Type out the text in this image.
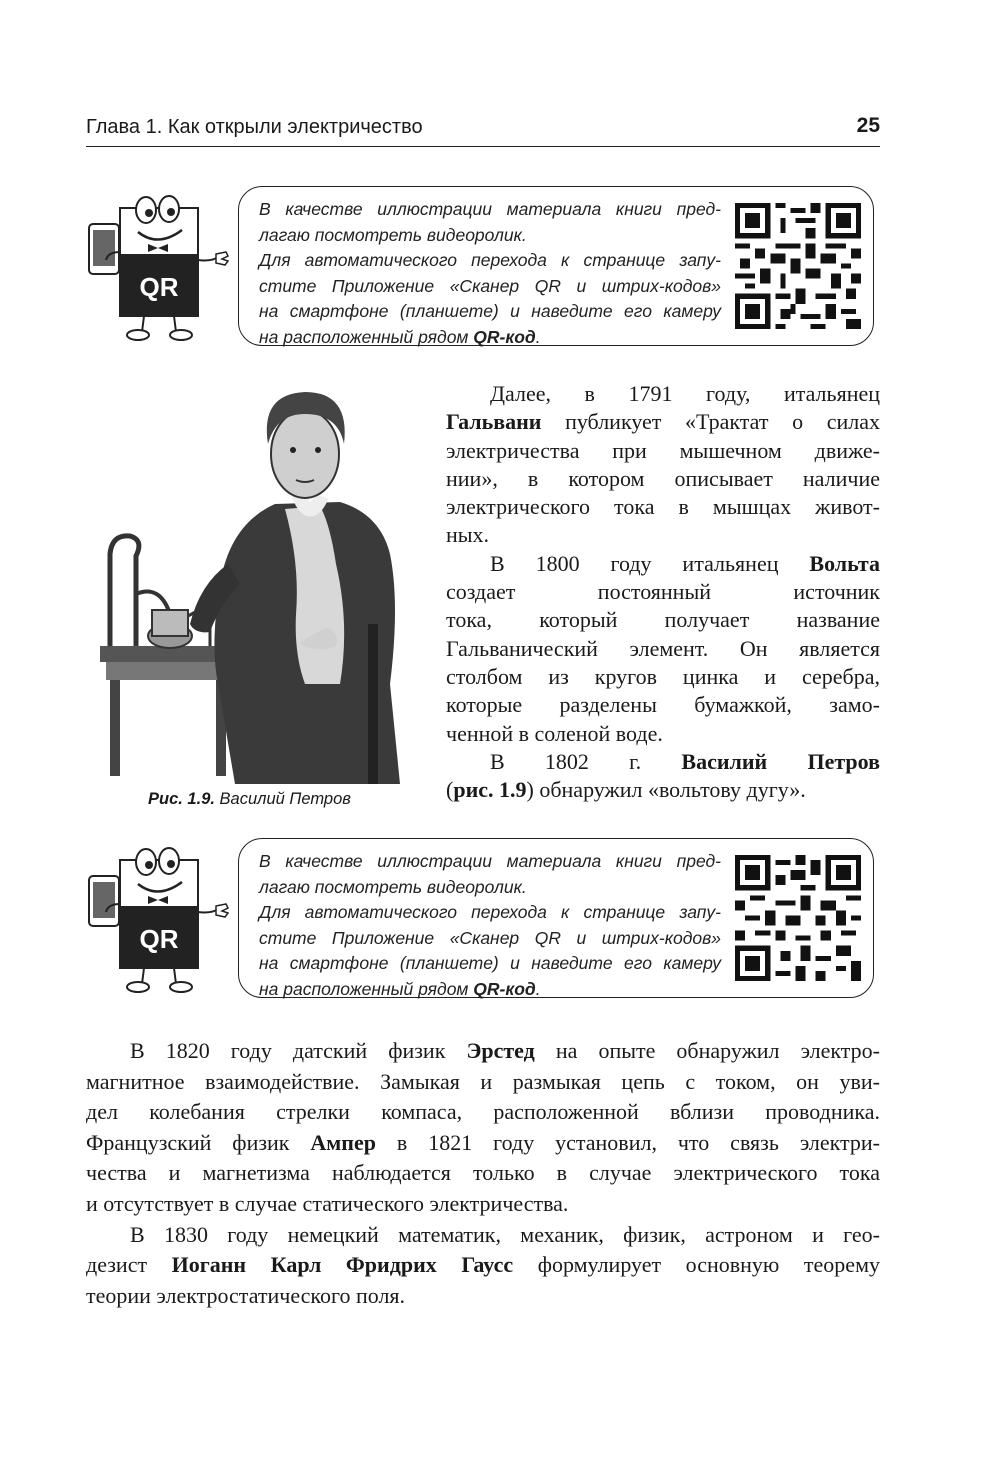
Глава 1. Как открыли электричество	25
QR
В качестве иллюстрации материала книги пред-
лагаю посмотреть видеоролик.
Для автоматического перехода к странице запу-
стите Приложение «Сканер QR и штрих-кодов»
на смартфоне (планшете) и наведите его камеру
на расположенный рядом QR-код.
Рис. 1.9. Василий Петров
Далее, в 1791 году, итальянец
Гальвани публикует «Трактат о силах
электричества при мышечном движе-
нии», в котором описывает наличие
электрического тока в мышцах живот-
ных.
В 1800 году итальянец Вольта
создает постоянный источник
тока, который получает название
Гальванический элемент. Он является
столбом из кругов цинка и серебра,
которые разделены бумажкой, замо-
ченной в соленой воде.
В 1802 г. Василий Петров
(рис. 1.9) обнаружил «вольтову дугу».
QR
В качестве иллюстрации материала книги пред-
лагаю посмотреть видеоролик.
Для автоматического перехода к странице запу-
стите Приложение «Сканер QR и штрих-кодов»
на смартфоне (планшете) и наведите его камеру
на расположенный рядом QR-код.
В 1820 году датский физик Эрстед на опыте обнаружил электро-
магнитное взаимодействие. Замыкая и размыкая цепь с током, он уви-
дел колебания стрелки компаса, расположенной вблизи проводника.
Французский физик Ампер в 1821 году установил, что связь электри-
чества и магнетизма наблюдается только в случае электрического тока
и отсутствует в случае статического электричества.
В 1830 году немецкий математик, механик, физик, астроном и гео-
дезист Иоганн Карл Фридрих Гаусс формулирует основную теорему
теории электростатического поля.
